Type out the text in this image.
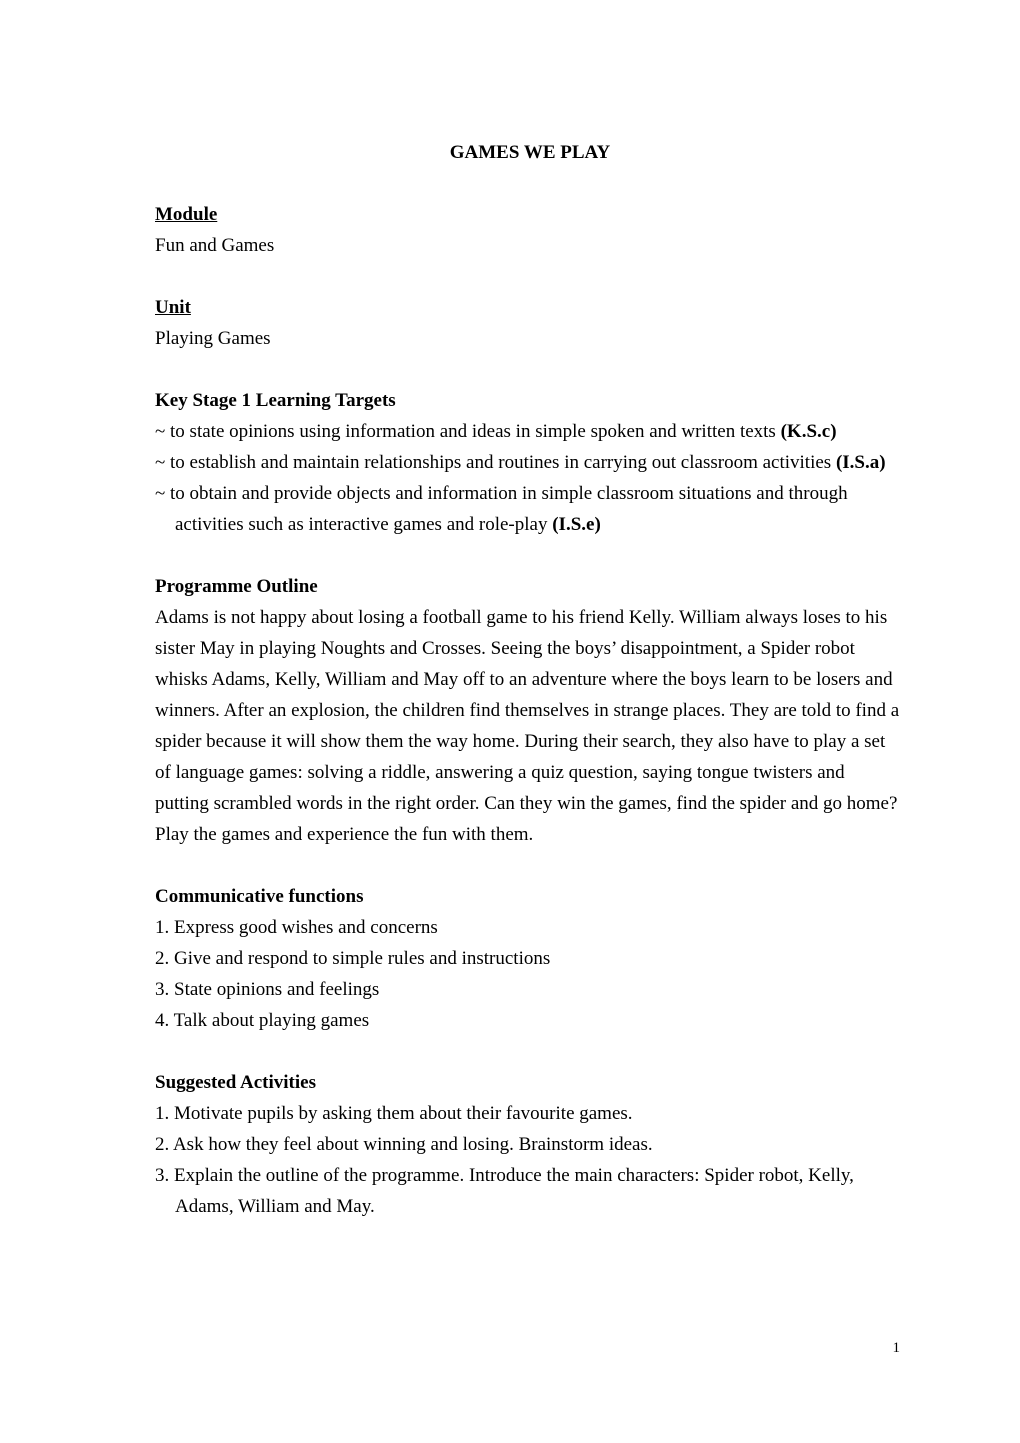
GAMES WE PLAY

Module

Fun and Games

Unit

Playing Games

Key Stage 1 Learning Targets

~ to state opinions using information and ideas in simple spoken and written texts (K.S.c)

~ to establish and maintain relationships and routines in carrying out classroom activities (I.S.a)

~ to obtain and provide objects and information in simple classroom situations and through activities such as interactive games and role-play (I.S.e)

Programme Outline

Adams is not happy about losing a football game to his friend Kelly. William always loses to his sister May in playing Noughts and Crosses. Seeing the boys’ disappointment, a Spider robot whisks Adams, Kelly, William and May off to an adventure where the boys learn to be losers and winners. After an explosion, the children find themselves in strange places. They are told to find a spider because it will show them the way home. During their search, they also have to play a set of language games: solving a riddle, answering a quiz question, saying tongue twisters and putting scrambled words in the right order. Can they win the games, find the spider and go home? Play the games and experience the fun with them.

Communicative functions

1. Express good wishes and concerns

2. Give and respond to simple rules and instructions

3. State opinions and feelings

4. Talk about playing games

Suggested Activities

1. Motivate pupils by asking them about their favourite games.

2. Ask how they feel about winning and losing. Brainstorm ideas.

3. Explain the outline of the programme. Introduce the main characters: Spider robot, Kelly, Adams, William and May.

1
